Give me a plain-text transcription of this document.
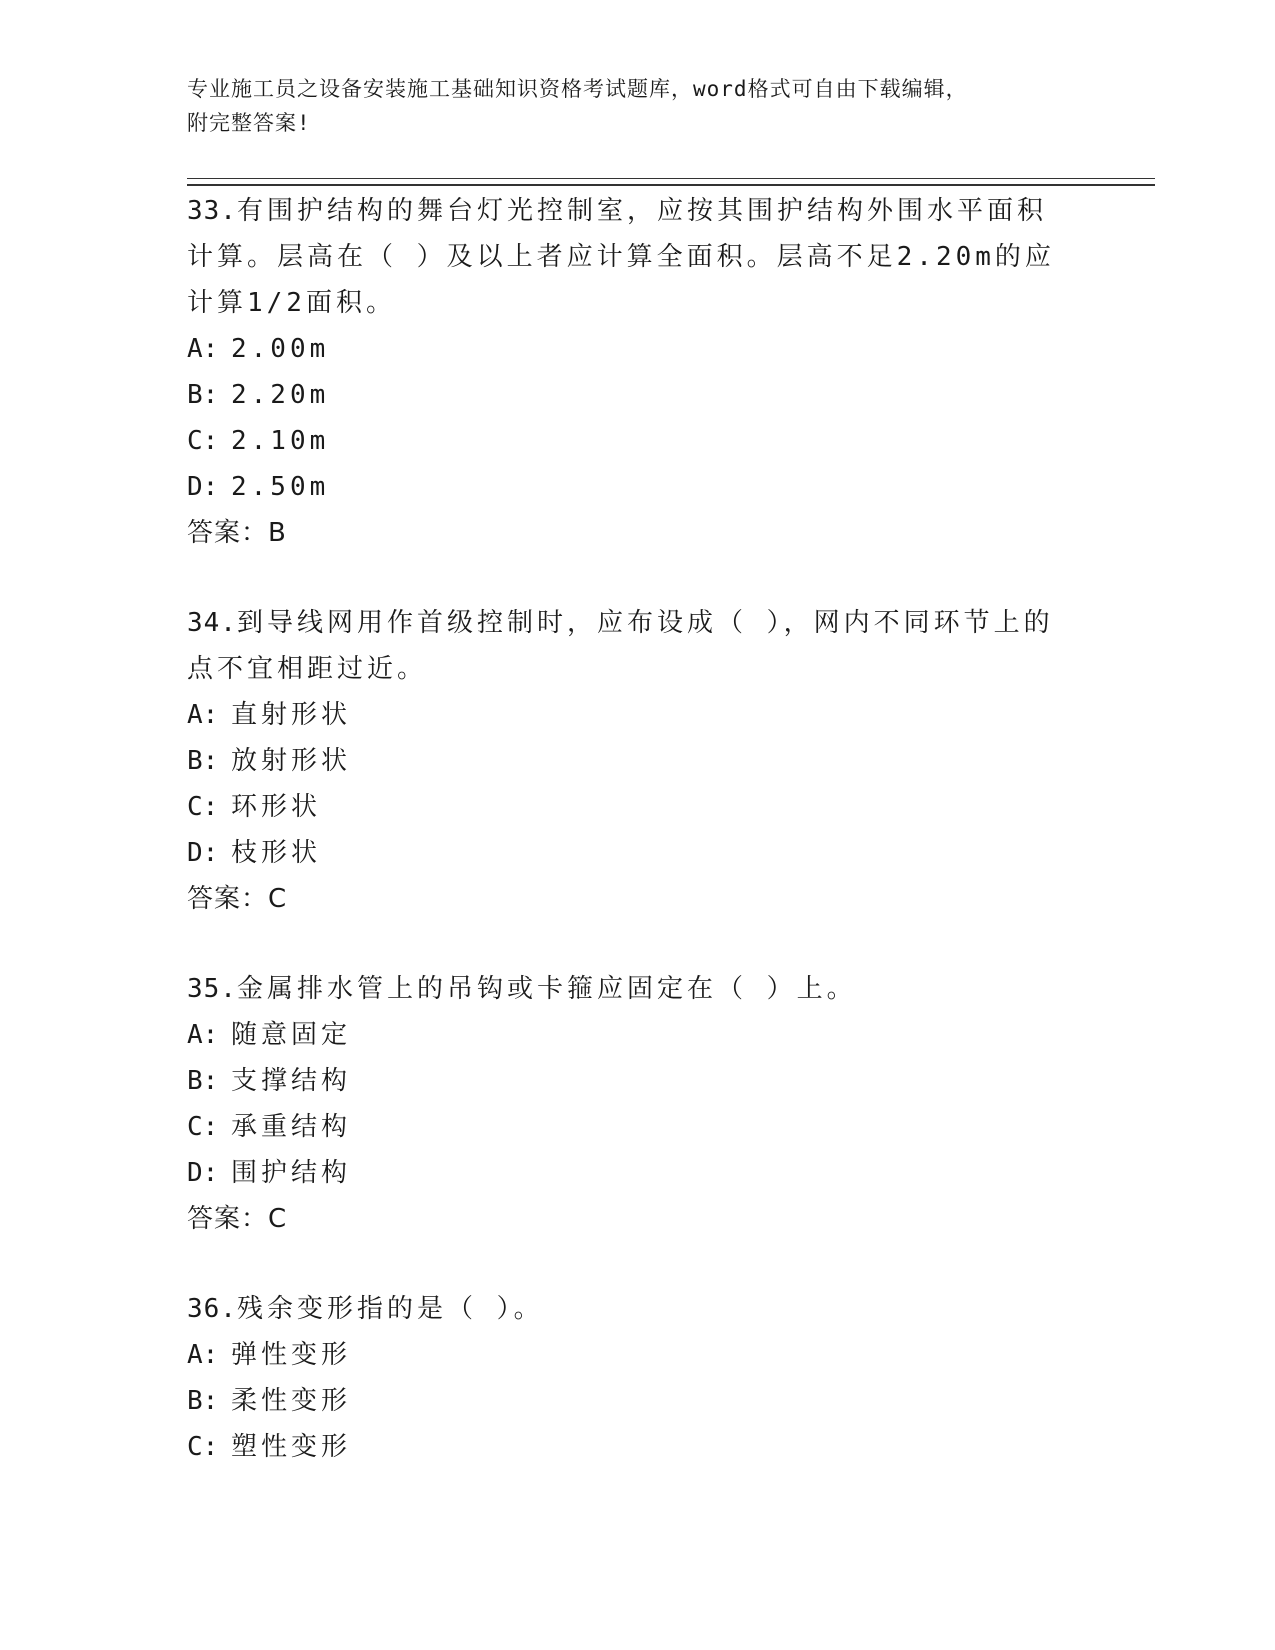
专业施工员之设备安装施工基础知识资格考试题库，word格式可自由下载编辑，
附完整答案!

33.有围护结构的舞台灯光控制室，应按其围护结构外围水平面积计算。层高在（ ）及以上者应计算全面积。层高不足2.20m的应计算1/2面积。

A: 2.00m

B: 2.20m

C: 2.10m

D: 2.50m

答案：B

34.到导线网用作首级控制时，应布设成（ ），网内不同环节上的点不宜相距过近。

A: 直射形状

B: 放射形状

C: 环形状

D: 枝形状

答案：C

35.金属排水管上的吊钩或卡箍应固定在（ ）上。

A: 随意固定

B: 支撑结构

C: 承重结构

D: 围护结构

答案：C

36.残余变形指的是（ ）。

A: 弹性变形

B: 柔性变形

C: 塑性变形
